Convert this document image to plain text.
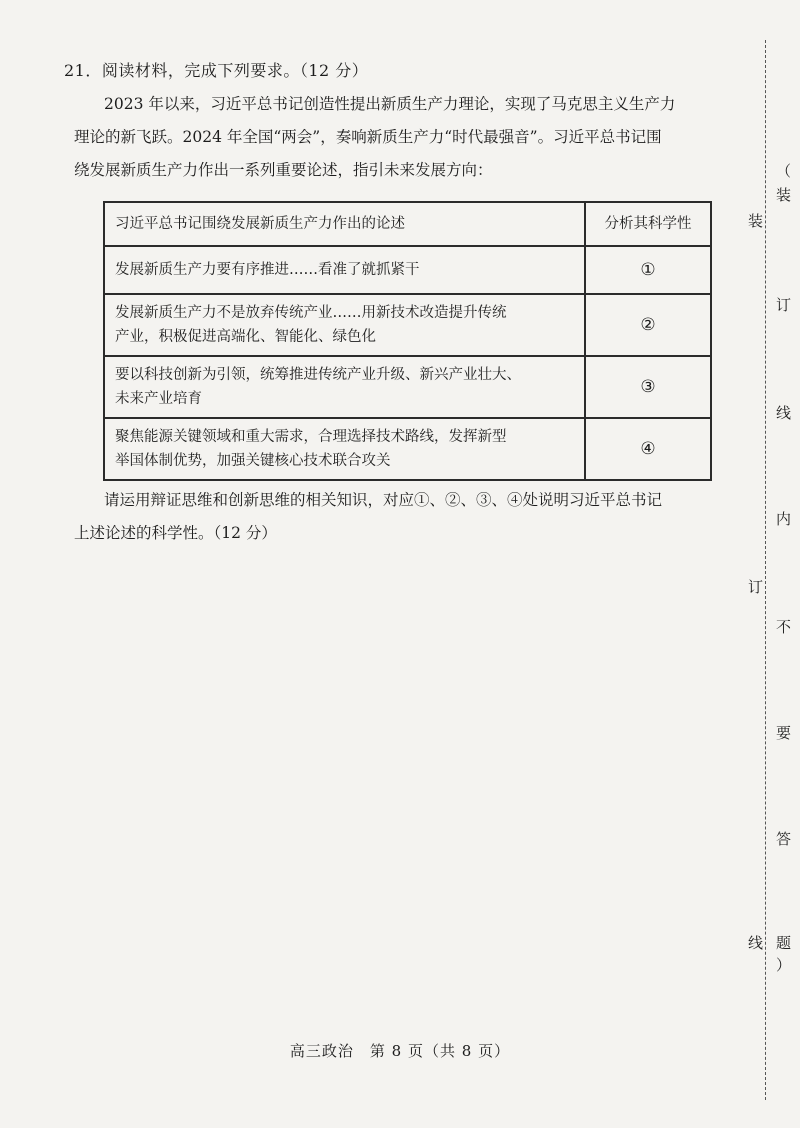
21．阅读材料，完成下列要求。（12 分）
2023 年以来，习近平总书记创造性提出新质生产力理论，实现了马克思主义生产力
理论的新飞跃。2024 年全国“两会”，奏响新质生产力“时代最强音”。习近平总书记围
绕发展新质生产力作出一系列重要论述，指引未来发展方向：
习近平总书记围绕发展新质生产力作出的论述	分析其科学性
发展新质生产力要有序推进……看准了就抓紧干	①
发展新质生产力不是放弃传统产业……用新技术改造提升传统
产业，积极促进高端化、智能化、绿色化	②
要以科技创新为引领，统筹推进传统产业升级、新兴产业壮大、
未来产业培育	③
聚焦能源关键领域和重大需求，合理选择技术路线，发挥新型
举国体制优势，加强关键核心技术联合攻关	④
请运用辩证思维和创新思维的相关知识，对应①、②、③、④处说明习近平总书记
上述论述的科学性。（12 分）
高三政治　第 8 页（共 8 页）
（
装
订
线
内
不
要
答
题
）
装
订
线
